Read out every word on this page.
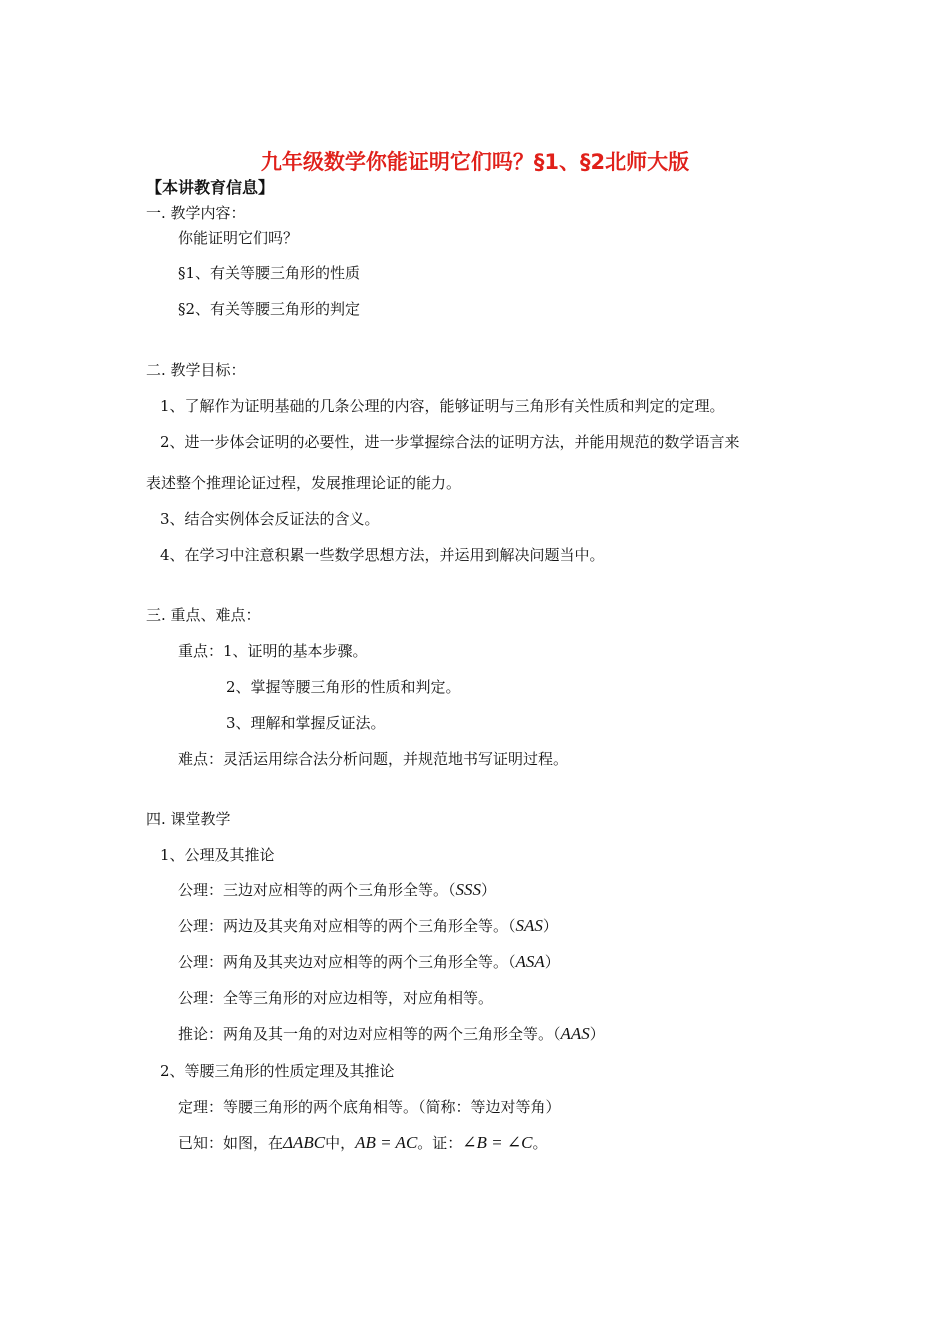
九年级数学你能证明它们吗？§1、§2北师大版
【本讲教育信息】
一. 教学内容：
你能证明它们吗？
§1、有关等腰三角形的性质
§2、有关等腰三角形的判定
二. 教学目标：
1、了解作为证明基础的几条公理的内容，能够证明与三角形有关性质和判定的定理。
2、进一步体会证明的必要性，进一步掌握综合法的证明方法，并能用规范的数学语言来
表述整个推理论证过程，发展推理论证的能力。
3、结合实例体会反证法的含义。
4、在学习中注意积累一些数学思想方法，并运用到解决问题当中。
三. 重点、难点：
重点：1、证明的基本步骤。
2、掌握等腰三角形的性质和判定。
3、理解和掌握反证法。
难点：灵活运用综合法分析问题，并规范地书写证明过程。
四. 课堂教学
1、公理及其推论
公理：三边对应相等的两个三角形全等。（SSS）
公理：两边及其夹角对应相等的两个三角形全等。（SAS）
公理：两角及其夹边对应相等的两个三角形全等。（ASA）
公理：全等三角形的对应边相等，对应角相等。
推论：两角及其一角的对边对应相等的两个三角形全等。（AAS）
2、等腰三角形的性质定理及其推论
定理：等腰三角形的两个底角相等。（简称：等边对等角）
已知：如图，在ΔABC中，AB = AC。证：∠B = ∠C。
